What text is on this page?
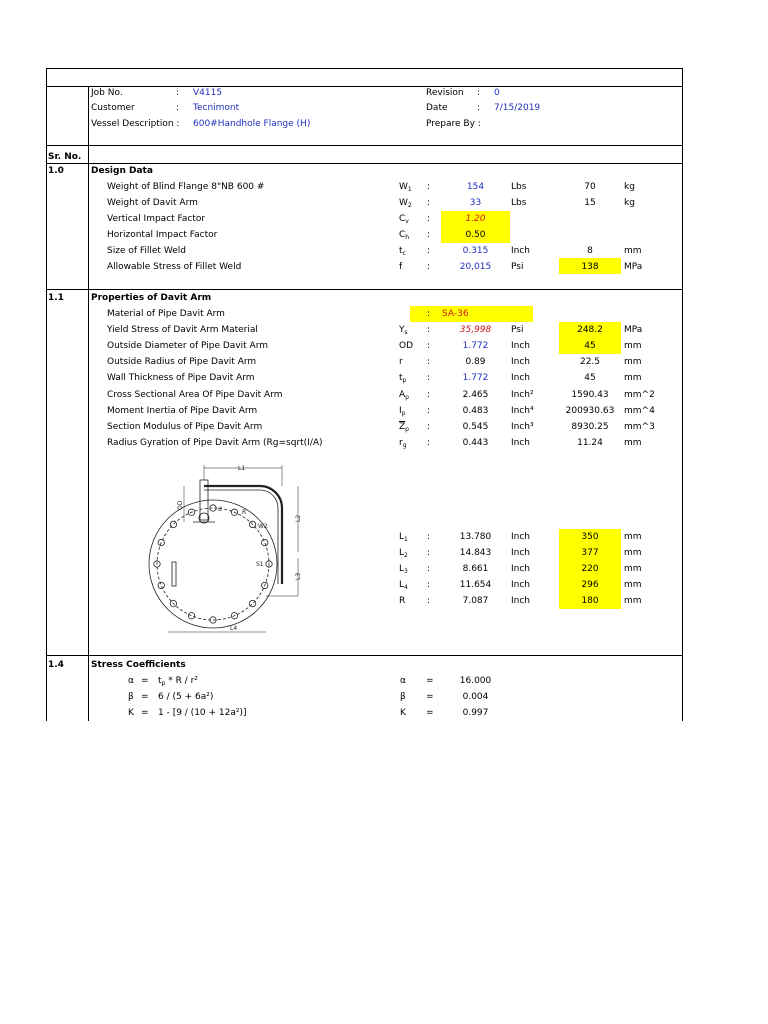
Job No.	: V4115
Customer	: Tecnimont
Vessel Description : 600#Handhole Flange (H)
Revision : 0
Date	: 7/15/2019
Prepare By :
Sr. No.
1.0	Design Data
1.1	Properties of Davit Arm
1.4	Stress Coefficients
Weight of Blind Flange 8"NB 600 #	$W_1$ :	154	Lbs	70	kg
Weight of Davit Arm	$W_2$ :	33	Lbs	15	kg
Vertical Impact Factor	$C_v$ :	1.20
Horizontal Impact Factor	$C_h$ :	0.50
Size of Fillet Weld	$t_c$ :	0.315	Inch	8	mm
Allowable Stress of Fillet Weld	f	:	20,015	Psi	138	MPa
Material of Pipe Davit Arm	: SA-36
Yield Stress of Davit Arm Material	$Y_s$ :	35,998	Psi	248.2	MPa
Outside Diameter of Pipe Davit Arm	OD :	1.772	Inch	45	mm
Outside Radius of Pipe Davit Arm	r	:	0.89	Inch	22.5	mm
Wall Thickness of Pipe Davit Arm	$t_p$ :	1.772	Inch	45	mm
Cross Sectional Area Of Pipe Davit Arm	$A_p$ :	2.465	Inch²	1590.43	mm^2
Moment Inertia of Pipe Davit Arm	$I_p$ :	0.483	Inch⁴	200930.63	mm^4
Section Modulus of Pipe Davit Arm	$\overline{Z}_p$ :	0.545	Inch³	8930.25	mm^3
Radius Gyration of Pipe Davit Arm (Rg=sqrt(I/A)	$r_g$ :	0.443	Inch	11.24	mm
L1
L2
L3
L4
OD	d	R
S1
W2
$L_1$ :	13.780	Inch	350	mm
$L_2$ :	14.843	Inch	377	mm
$L_3$ :	8.661	Inch	220	mm
$L_4$ :	11.654	Inch	296	mm
R :	7.087	Inch	180	mm
$\alpha = t_p * R / r^2$	α =	16.000
β = 6 / (5 + 6a²)	β =	0.004
K = 1 - [9 / (10 + 12a²)]	K =	0.997
